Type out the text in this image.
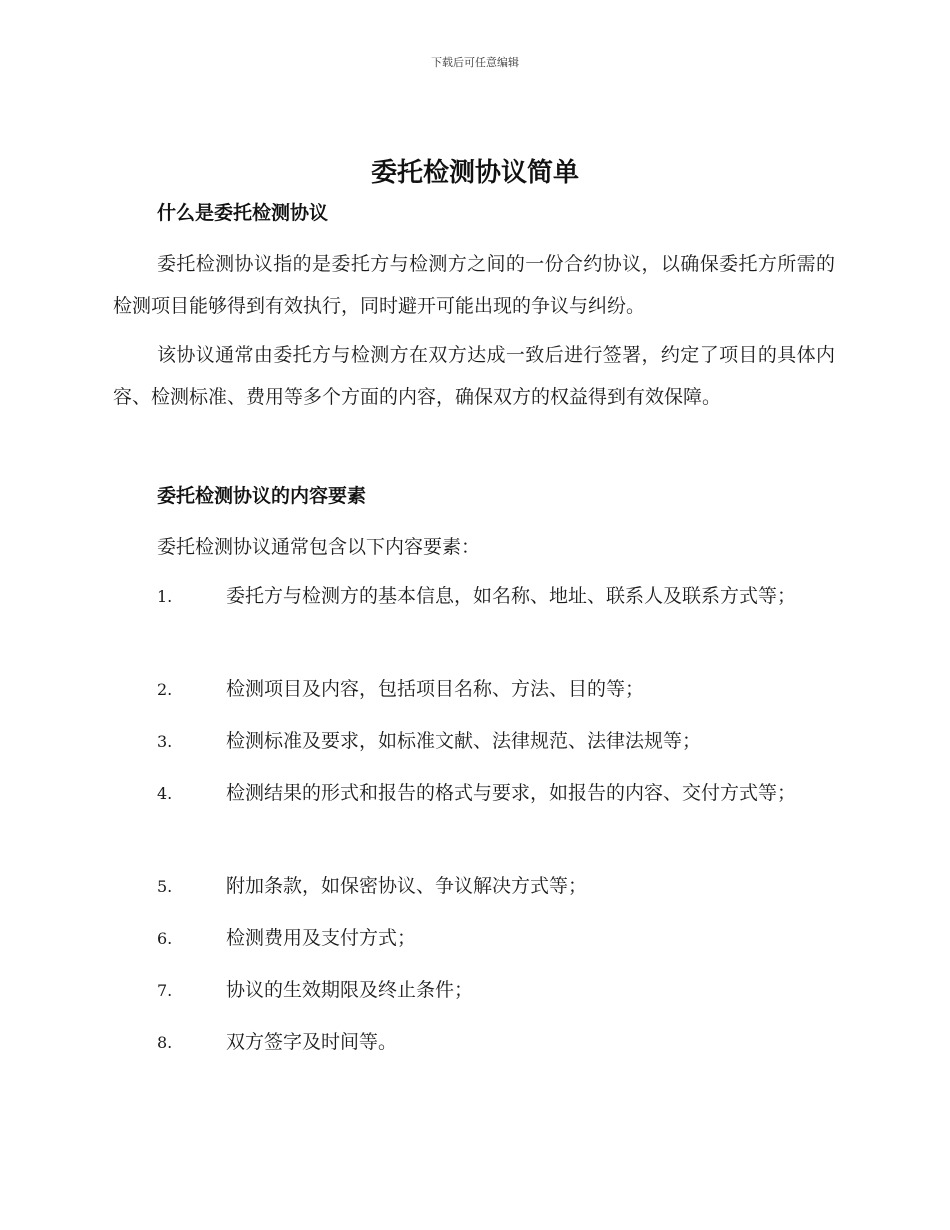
下载后可任意编辑
委托检测协议简单
什么是委托检测协议

委托检测协议指的是委托方与检测方之间的一份合约协议，以确保委托方所需的检测项目能够得到有效执行，同时避开可能出现的争议与纠纷。

该协议通常由委托方与检测方在双方达成一致后进行签署，约定了项目的具体内容、检测标准、费用等多个方面的内容，确保双方的权益得到有效保障。

委托检测协议的内容要素

委托检测协议通常包含以下内容要素：

1.	委托方与检测方的基本信息，如名称、地址、联系人及联系方式等；

2.	检测项目及内容，包括项目名称、方法、目的等；

3.	检测标准及要求，如标准文献、法律规范、法律法规等；

4.	检测结果的形式和报告的格式与要求，如报告的内容、交付方式等；

5.	附加条款，如保密协议、争议解决方式等；

6.	检测费用及支付方式；

7.	协议的生效期限及终止条件；

8.	双方签字及时间等。
